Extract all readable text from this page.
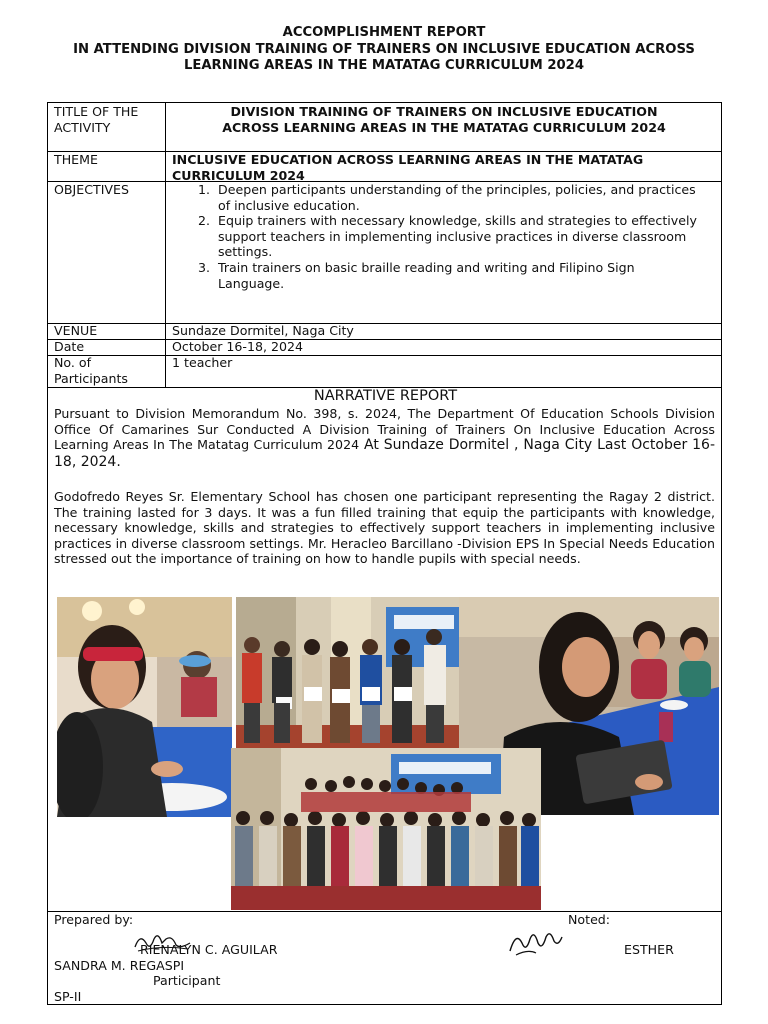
ACCOMPLISHMENT REPORT
IN ATTENDING DIVISION TRAINING OF TRAINERS ON INCLUSIVE EDUCATION ACROSS
LEARNING AREAS IN THE MATATAG CURRICULUM 2024
TITLE OF THE
ACTIVITY
DIVISION TRAINING OF TRAINERS ON INCLUSIVE EDUCATION
ACROSS LEARNING AREAS IN THE MATATAG CURRICULUM 2024
THEME	INCLUSIVE EDUCATION ACROSS LEARNING AREAS IN THE MATATAG
CURRICULUM 2024
OBJECTIVES
1.	Deepen participants understanding of the principles, policies, and practices of inclusive education.
2. Equip trainers with necessary knowledge, skills and strategies to effectively support teachers in implementing inclusive practices in diverse classroom settings.
3. Train trainers on basic braille reading and writing and Filipino Sign Language.
VENUE	Sundaze Dormitel, Naga City
Date	October 16-18, 2024
No. of
Participants
1 teacher
NARRATIVE REPORT
Pursuant to Division Memorandum No. 398, s. 2024, The Department Of Education Schools Division Office Of Camarines Sur Conducted A Division Training of Trainers On Inclusive Education Across Learning Areas In The Matatag Curriculum 2024 At Sundaze Dormitel , Naga City Last October 16-18, 2024.
Godofredo Reyes Sr. Elementary School has chosen one participant representing the Ragay 2 district. The training lasted for 3 days. It was a fun filled training that equip the participants with knowledge, necessary knowledge, skills and strategies to effectively support teachers in implementing inclusive practices in diverse classroom settings. Mr. Heracleo Barcillano -Division EPS In Special Needs Education stressed out the importance of training on how to handle pupils with special needs.
Prepared by:	Noted:
RIENALYN C. AGUILAR	ESTHER
SANDRA M. REGASPI
Participant
SP-II
